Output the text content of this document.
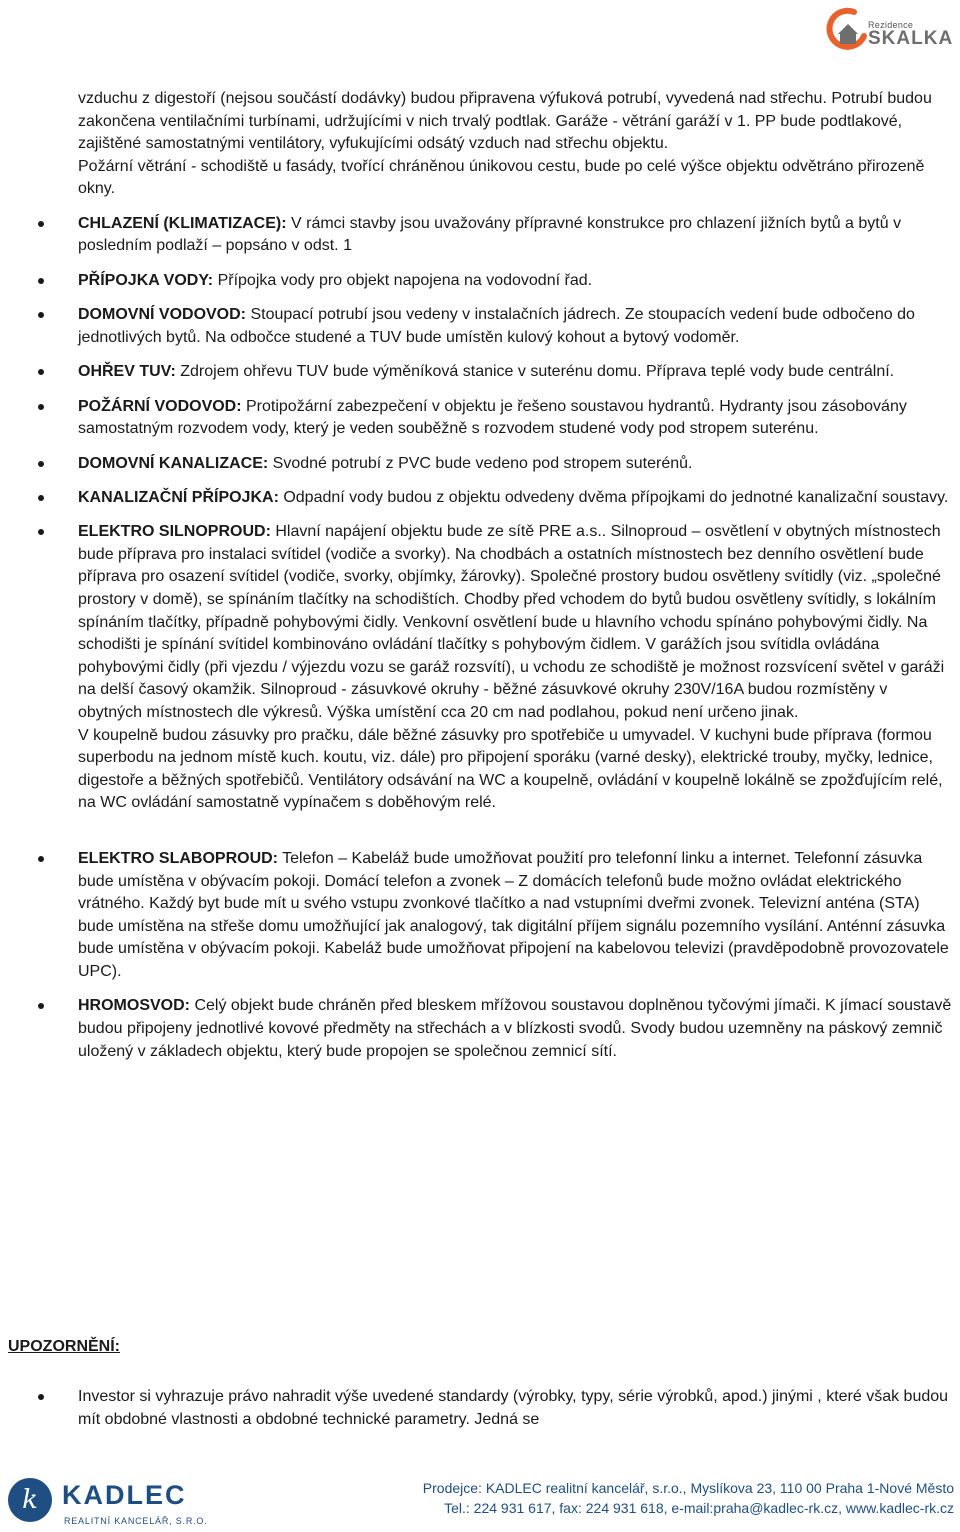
Rezidence
SKALKA

vzduchu z digestoří (nejsou součástí dodávky) budou připravena výfuková potrubí, vyvedená nad střechu. Potrubí budou zakončena ventilačními turbínami, udržujícími v nich trvalý podtlak. Garáže - větrání garáží v 1. PP bude podtlakové, zajištěné samostatnými ventilátory, vyfukujícími odsátý vzduch nad střechu objektu.

Požární větrání - schodiště u fasády, tvořící chráněnou únikovou cestu, bude po celé výšce objektu odvětráno přirozeně okny.

CHLAZENÍ (KLIMATIZACE): V rámci stavby jsou uvažovány přípravné konstrukce pro chlazení jižních bytů a bytů v posledním podlaží – popsáno v odst. 1
PŘÍPOJKA VODY: Přípojka vody pro objekt napojena na vodovodní řad.
DOMOVNÍ VODOVOD: Stoupací potrubí jsou vedeny v instalačních jádrech. Ze stoupacích vedení bude odbočeno do jednotlivých bytů. Na odbočce studené a TUV bude umístěn kulový kohout a bytový vodoměr.
OHŘEV TUV: Zdrojem ohřevu TUV bude výměníková stanice v suterénu domu. Příprava teplé vody bude centrální.
POŽÁRNÍ VODOVOD: Protipožární zabezpečení v objektu je řešeno soustavou hydrantů. Hydranty jsou zásobovány samostatným rozvodem vody, který je veden souběžně s rozvodem studené vody pod stropem suterénu.
DOMOVNÍ KANALIZACE: Svodné potrubí z PVC bude vedeno pod stropem suterénů.
KANALIZAČNÍ PŘÍPOJKA: Odpadní vody budou z objektu odvedeny dvěma přípojkami do jednotné kanalizační soustavy.
ELEKTRO SILNOPROUD: Hlavní napájení objektu bude ze sítě PRE a.s.. Silnoproud – osvětlení v obytných místnostech bude příprava pro instalaci svítidel (vodiče a svorky). Na chodbách a ostatních místnostech bez denního osvětlení bude příprava pro osazení svítidel (vodiče, svorky, objímky, žárovky). Společné prostory budou osvětleny svítidly (viz. „společné prostory v domě), se spínáním tlačítky na schodištích. Chodby před vchodem do bytů budou osvětleny svítidly, s lokálním spínáním tlačítky, případně pohybovými čidly. Venkovní osvětlení bude u hlavního vchodu spínáno pohybovými čidly. Na schodišti je spínání svítidel kombinováno ovládání tlačítky s pohybovým čidlem. V garážích jsou svítidla ovládána pohybovými čidly (při vjezdu / výjezdu vozu se garáž rozsvítí), u vchodu ze schodiště je možnost rozsvícení světel v garáži na delší časový okamžik. Silnoproud - zásuvkové okruhy - běžné zásuvkové okruhy 230V/16A budou rozmístěny v obytných místnostech dle výkresů. Výška umístění cca 20 cm nad podlahou, pokud není určeno jinak.
V koupelně budou zásuvky pro pračku, dále běžné zásuvky pro spotřebiče u umyvadel. V kuchyni bude příprava (formou superbodu na jednom místě kuch. koutu, viz. dále) pro připojení sporáku (varné desky), elektrické trouby, myčky, lednice, digestoře a běžných spotřebičů. Ventilátory odsávání na WC a koupelně, ovládání v koupelně lokálně se zpožďujícím relé, na WC ovládání samostatně vypínačem s doběhovým relé.
ELEKTRO SLABOPROUD: Telefon – Kabeláž bude umožňovat použití pro telefonní linku a internet. Telefonní zásuvka bude umístěna v obývacím pokoji. Domácí telefon a zvonek – Z domácích telefonů bude možno ovládat elektrického vrátného. Každý byt bude mít u svého vstupu zvonkové tlačítko a nad vstupními dveřmi zvonek. Televizní anténa (STA) bude umístěna na střeše domu umožňující jak analogový, tak digitální příjem signálu pozemního vysílání. Anténní zásuvka bude umístěna v obývacím pokoji. Kabeláž bude umožňovat připojení na kabelovou televizi (pravděpodobně provozovatele UPC).
HROMOSVOD: Celý objekt bude chráněn před bleskem mřížovou soustavou doplněnou tyčovými jímači. K jímací soustavě budou připojeny jednotlivé kovové předměty na střechách a v blízkosti svodů. Svody budou uzemněny na páskový zemnič uložený v základech objektu, který bude propojen se společnou zemnicí sítí.
UPOZORNĚNÍ:
Investor si vyhrazuje právo nahradit výše uvedené standardy (výrobky, typy, série výrobků, apod.) jinými , které však budou mít obdobné vlastnosti a obdobné technické parametry. Jedná se
k KADLEC
REALITNÍ KANCELÁŘ, S.R.O.
Prodejce: KADLEC realitní kancelář, s.r.o., Myslíkova 23, 110 00 Praha 1-Nové Město
Tel.: 224 931 617, fax: 224 931 618, e-mail:praha@kadlec-rk.cz, www.kadlec-rk.cz
